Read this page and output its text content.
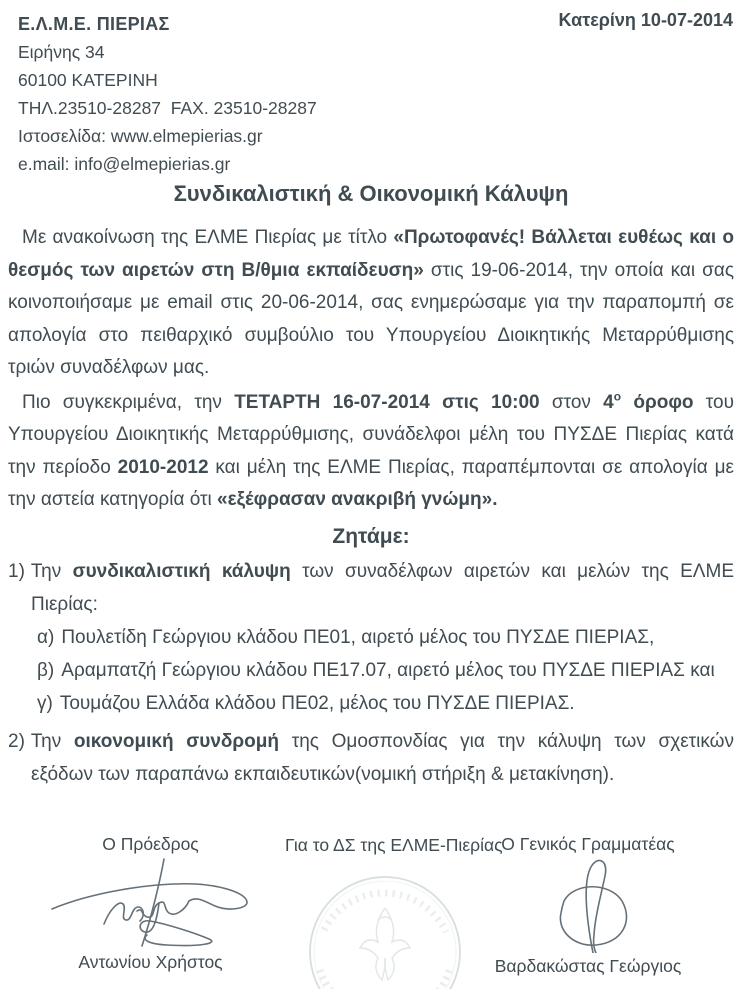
Ε.Λ.Μ.Ε. ΠΙΕΡΙΑΣ
Ειρήνης 34
60100 ΚΑΤΕΡΙΝΗ
ΤΗΛ.23510-28287  FAX. 23510-28287
Ιστοσελίδα: www.elmepierias.gr
e.mail: info@elmepierias.gr
Κατερίνη 10-07-2014
Συνδικαλιστική & Οικονομική Κάλυψη

Με ανακοίνωση της ΕΛΜΕ Πιερίας με τίτλο «Πρωτοφανές! Βάλλεται ευθέως και ο θεσμός των αιρετών στη Β/θμια εκπαίδευση» στις 19-06-2014, την οποία και σας κοινοποιήσαμε με email στις 20-06-2014, σας ενημερώσαμε για την παραπομπή σε απολογία στο πειθαρχικό συμβούλιο του Υπουργείου Διοικητικής Μεταρρύθμισης τριών συναδέλφων μας.

Πιο συγκεκριμένα, την ΤΕΤΑΡΤΗ 16-07-2014 στις 10:00 στον $4^o$ όροφο του Υπουργείου Διοικητικής Μεταρρύθμισης, συνάδελφοι μέλη του ΠΥΣΔΕ Πιερίας κατά την περίοδο 2010-2012 και μέλη της ΕΛΜΕ Πιερίας, παραπέμπονται σε απολογία με την αστεία κατηγορία ότι «εξέφρασαν ανακριβή γνώμη».

Ζητάμε:

1) Την συνδικαλιστική κάλυψη των συναδέλφων αιρετών και μελών της ΕΛΜΕ Πιερίας:

α) Πουλετίδη Γεώργιου κλάδου ΠΕ01, αιρετό μέλος του ΠΥΣΔΕ ΠΙΕΡΙΑΣ,

β) Αραμπατζή Γεώργιου κλάδου ΠΕ17.07, αιρετό μέλος του ΠΥΣΔΕ ΠΙΕΡΙΑΣ και

γ) Τουμάζου Ελλάδα κλάδου ΠΕ02, μέλος του ΠΥΣΔΕ ΠΙΕΡΙΑΣ.

2) Την οικονομική συνδρομή της Ομοσπονδίας για την κάλυψη των σχετικών εξόδων των παραπάνω εκπαιδευτικών(νομική στήριξη & μετακίνηση).

Ο Πρόεδρος
Αντωνίου Χρήστος
Για το ΔΣ της ΕΛΜΕ-Πιερίας
Ο Γενικός Γραμματέας
Βαρδακώστας Γεώργιος
